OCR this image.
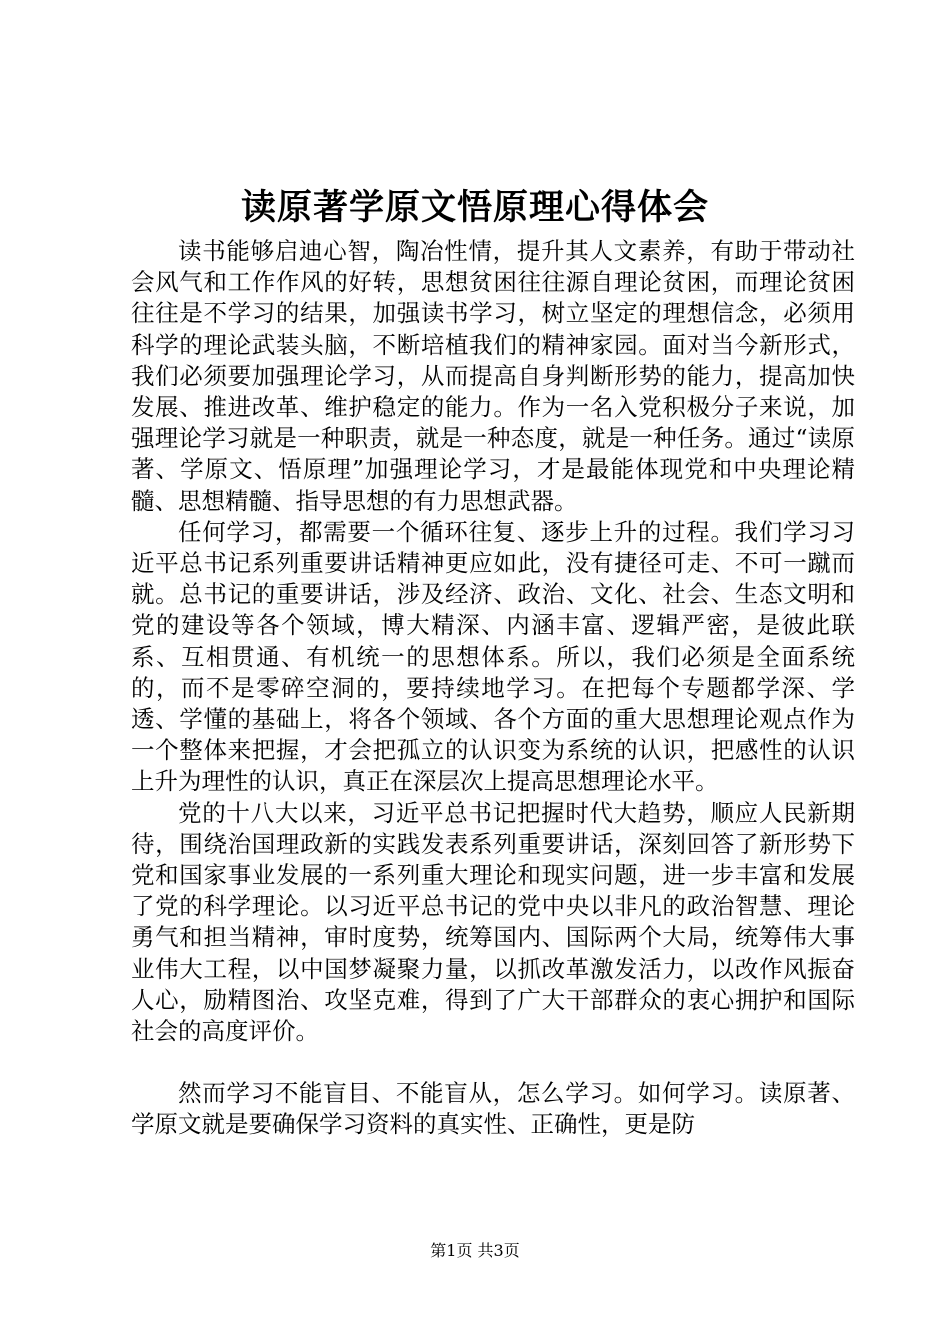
读原著学原文悟原理心得体会

读书能够启迪心智，陶冶性情，提升其人文素养，有助于带动社会风气和工作作风的好转，思想贫困往往源自理论贫困，而理论贫困往往是不学习的结果，加强读书学习，树立坚定的理想信念，必须用科学的理论武装头脑，不断培植我们的精神家园。面对当今新形式，我们必须要加强理论学习，从而提高自身判断形势的能力，提高加快发展、推进改革、维护稳定的能力。作为一名入党积极分子来说，加强理论学习就是一种职责，就是一种态度，就是一种任务。通过“读原著、学原文、悟原理”加强理论学习，才是最能体现党和中央理论精髓、思想精髓、指导思想的有力思想武器。

任何学习，都需要一个循环往复、逐步上升的过程。我们学习习近平总书记系列重要讲话精神更应如此，没有捷径可走、不可一蹴而就。总书记的重要讲话，涉及经济、政治、文化、社会、生态文明和党的建设等各个领域，博大精深、内涵丰富、逻辑严密，是彼此联系、互相贯通、有机统一的思想体系。所以，我们必须是全面系统的，而不是零碎空洞的，要持续地学习。在把每个专题都学深、学透、学懂的基础上，将各个领域、各个方面的重大思想理论观点作为一个整体来把握，才会把孤立的认识变为系统的认识，把感性的认识上升为理性的认识，真正在深层次上提高思想理论水平。

党的十八大以来，习近平总书记把握时代大趋势，顺应人民新期待，围绕治国理政新的实践发表系列重要讲话，深刻回答了新形势下党和国家事业发展的一系列重大理论和现实问题，进一步丰富和发展了党的科学理论。以习近平总书记的党中央以非凡的政治智慧、理论勇气和担当精神，审时度势，统筹国内、国际两个大局，统筹伟大事业伟大工程，以中国梦凝聚力量，以抓改革激发活力，以改作风振奋人心，励精图治、攻坚克难，得到了广大干部群众的衷心拥护和国际社会的高度评价。

然而学习不能盲目、不能盲从，怎么学习。如何学习。读原著、学原文就是要确保学习资料的真实性、正确性，更是防

第1页 共3页
